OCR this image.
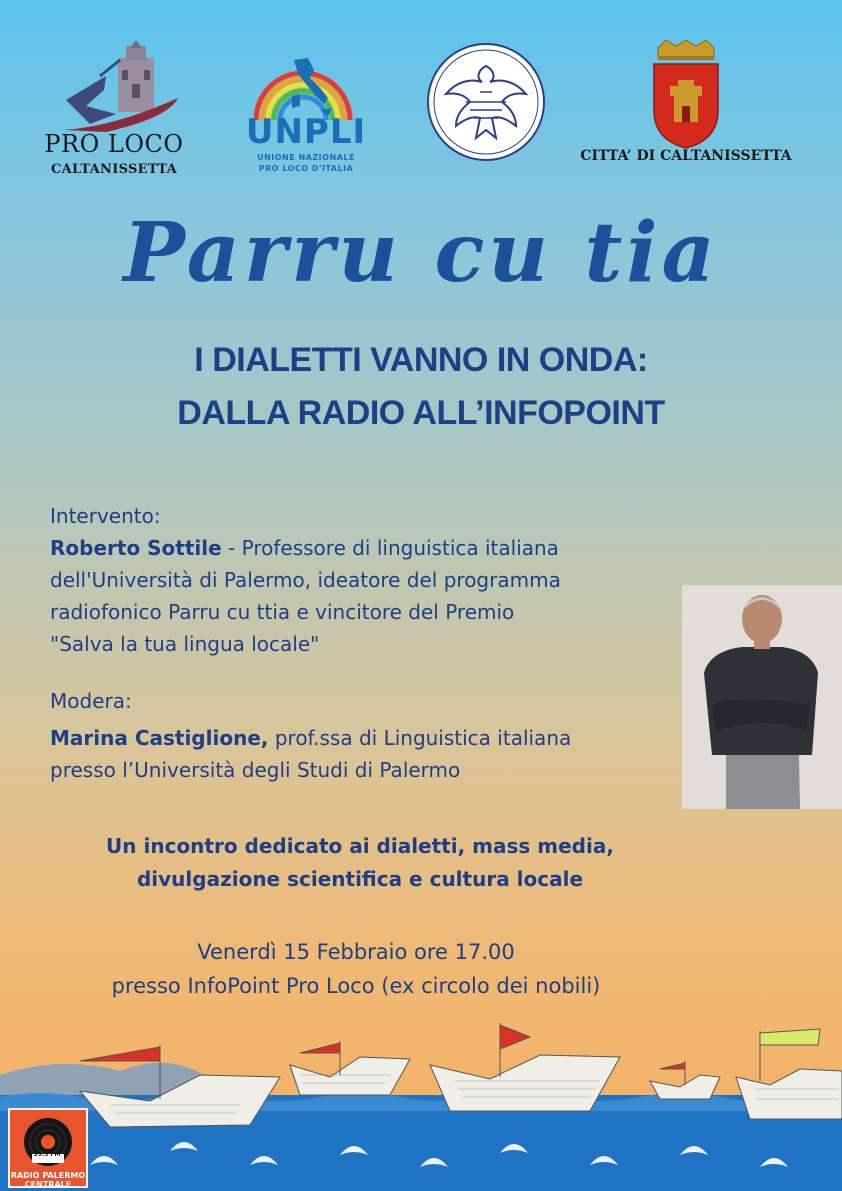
PRO LOCO
CALTANISSETTA
UNPLI
UNIONE NAZIONALE
PRO LOCO D'ITALIA
CITTA’ DI CALTANISSETTA
Parru cu tia
I DIALETTI VANNO IN ONDA:
DALLA RADIO ALL’INFOPOINT
Intervento:
Roberto Sottile - Professore di linguistica italiana
dell'Università di Palermo, ideatore del programma
radiofonico Parru cu ttia e vincitore del Premio
"Salva la tua lingua locale"
Modera:
Marina Castiglione, prof.ssa di Linguistica italiana
presso l’Università degli Studi di Palermo
Un incontro dedicato ai dialetti, mass media,
divulgazione scientifica e cultura locale
Venerdì 15 Febbraio ore 17.00
presso InfoPoint Pro Loco (ex circolo dei nobili)
99.5 FM
RADIO PALERMO CENTRALE
